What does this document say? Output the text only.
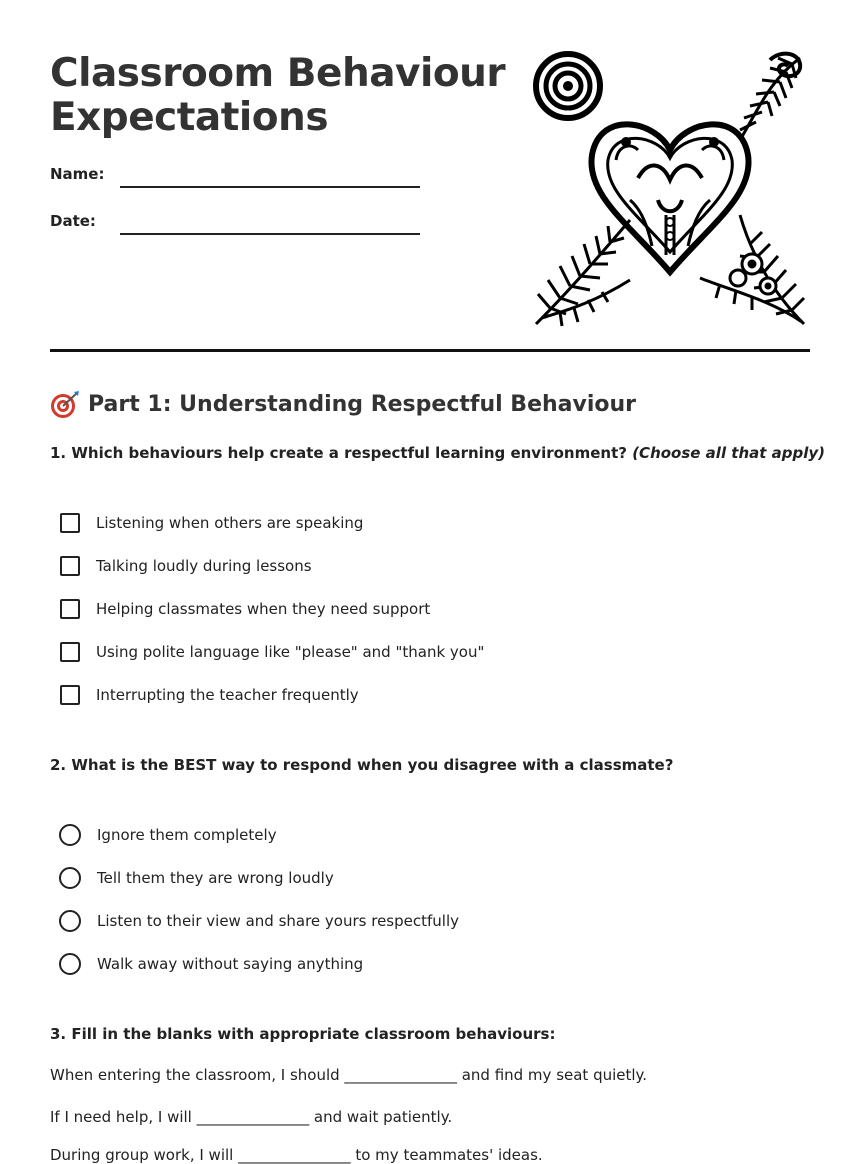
Classroom Behaviour Expectations
Name:
Date:
Part 1: Understanding Respectful Behaviour
1. Which behaviours help create a respectful learning environment? (Choose all that apply)
Listening when others are speaking
Talking loudly during lessons
Helping classmates when they need support
Using polite language like "please" and "thank you"
Interrupting the teacher frequently
2. What is the BEST way to respond when you disagree with a classmate?
Ignore them completely
Tell them they are wrong loudly
Listen to their view and share yours respectfully
Walk away without saying anything
3. Fill in the blanks with appropriate classroom behaviours:
When entering the classroom, I should _______________ and find my seat quietly.
If I need help, I will _______________ and wait patiently.
During group work, I will _______________ to my teammates' ideas.
